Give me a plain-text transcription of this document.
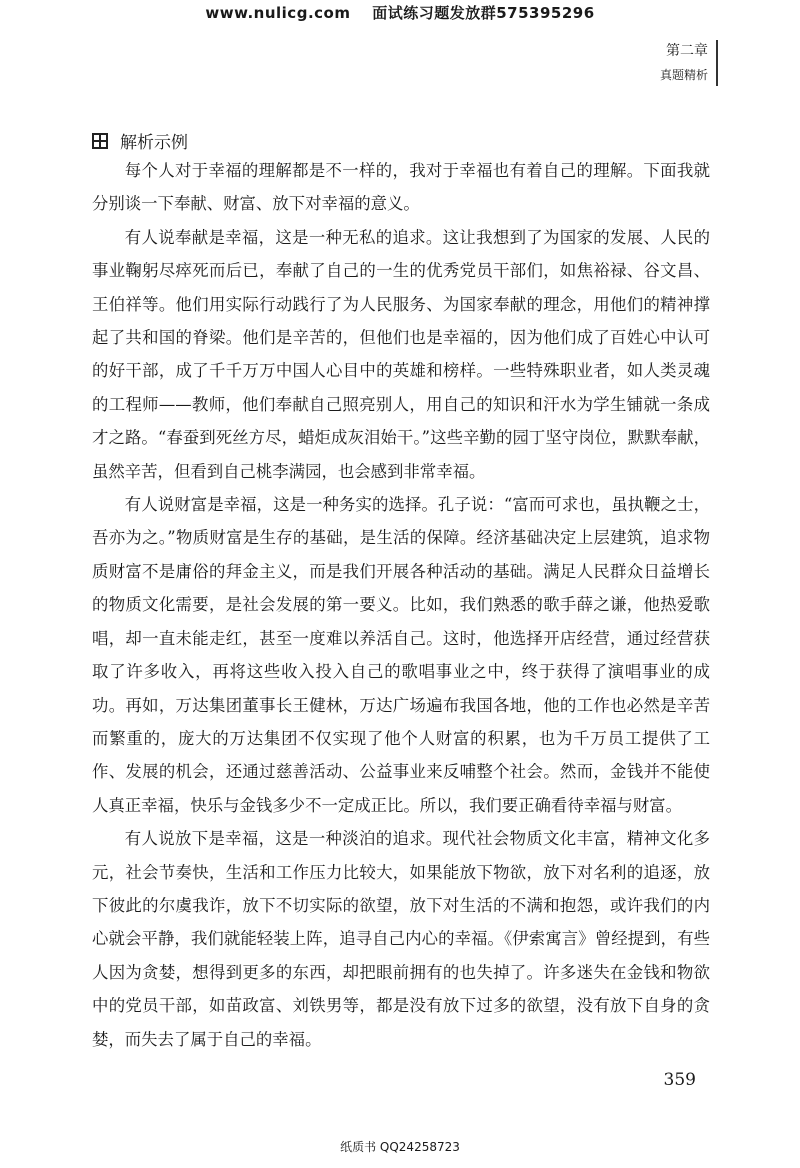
www.nulicg.com 面试练习题发放群575395296
第二章
真题精析
解析示例

每个人对于幸福的理解都是不一样的，我对于幸福也有着自己的理解。下面我就分别谈一下奉献、财富、放下对幸福的意义。

有人说奉献是幸福，这是一种无私的追求。这让我想到了为国家的发展、人民的事业鞠躬尽瘁死而后已，奉献了自己的一生的优秀党员干部们，如焦裕禄、谷文昌、王伯祥等。他们用实际行动践行了为人民服务、为国家奉献的理念，用他们的精神撑起了共和国的脊梁。他们是辛苦的，但他们也是幸福的，因为他们成了百姓心中认可的好干部，成了千千万万中国人心目中的英雄和榜样。一些特殊职业者，如人类灵魂的工程师——教师，他们奉献自己照亮别人，用自己的知识和汗水为学生铺就一条成才之路。“春蚕到死丝方尽，蜡炬成灰泪始干。”这些辛勤的园丁坚守岗位，默默奉献，虽然辛苦，但看到自己桃李满园，也会感到非常幸福。

有人说财富是幸福，这是一种务实的选择。孔子说：“富而可求也，虽执鞭之士，吾亦为之。”物质财富是生存的基础，是生活的保障。经济基础决定上层建筑，追求物质财富不是庸俗的拜金主义，而是我们开展各种活动的基础。满足人民群众日益增长的物质文化需要，是社会发展的第一要义。比如，我们熟悉的歌手薛之谦，他热爱歌唱，却一直未能走红，甚至一度难以养活自己。这时，他选择开店经营，通过经营获取了许多收入，再将这些收入投入自己的歌唱事业之中，终于获得了演唱事业的成功。再如，万达集团董事长王健林，万达广场遍布我国各地，他的工作也必然是辛苦而繁重的，庞大的万达集团不仅实现了他个人财富的积累，也为千万员工提供了工作、发展的机会，还通过慈善活动、公益事业来反哺整个社会。然而，金钱并不能使人真正幸福，快乐与金钱多少不一定成正比。所以，我们要正确看待幸福与财富。

有人说放下是幸福，这是一种淡泊的追求。现代社会物质文化丰富，精神文化多元，社会节奏快，生活和工作压力比较大，如果能放下物欲，放下对名利的追逐，放下彼此的尔虞我诈，放下不切实际的欲望，放下对生活的不满和抱怨，或许我们的内心就会平静，我们就能轻装上阵，追寻自己内心的幸福。《伊索寓言》曾经提到，有些人因为贪婪，想得到更多的东西，却把眼前拥有的也失掉了。许多迷失在金钱和物欲中的党员干部，如苗政富、刘铁男等，都是没有放下过多的欲望，没有放下自身的贪婪，而失去了属于自己的幸福。

359
纸质书 QQ24258723
